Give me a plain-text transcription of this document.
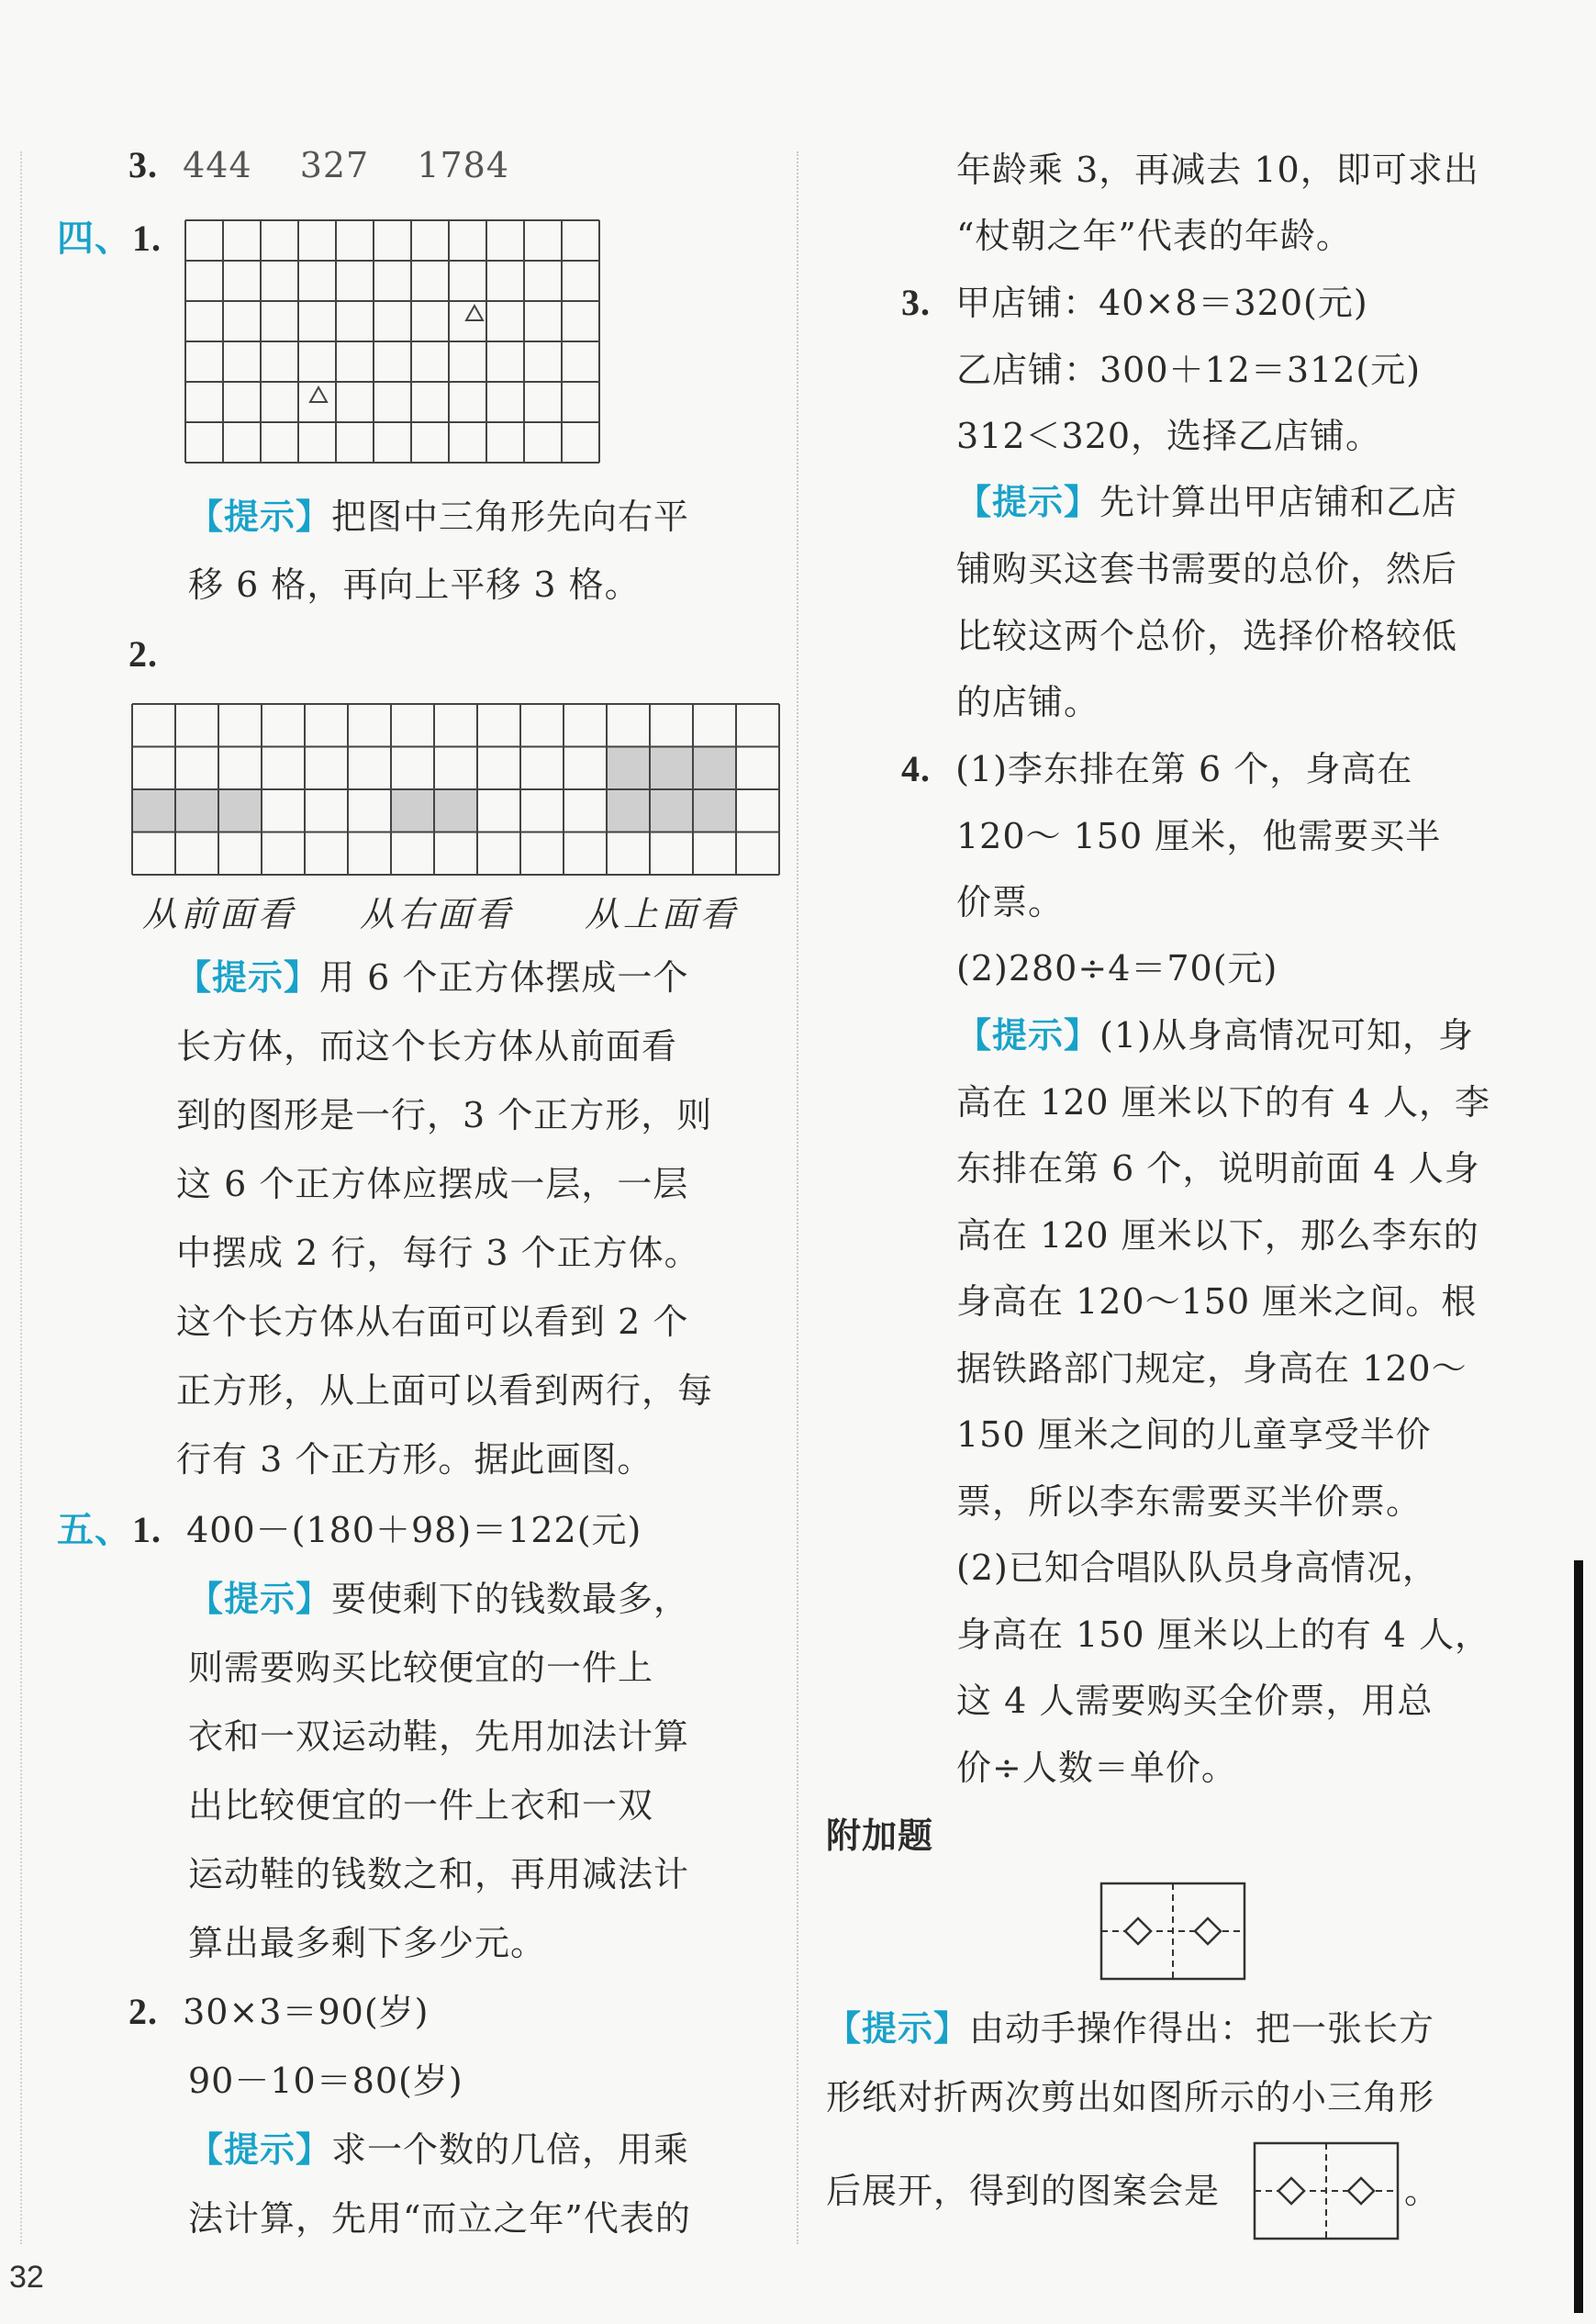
3. 444　 327　 1784
四、1.
【提示】把图中三角形先向右平
移 6 格，再向上平移 3 格。
2.
从前面看 从右面看 从上面看
【提示】用 6 个正方体摆成一个
长方体，而这个长方体从前面看
到的图形是一行，3 个正方形，则
这 6 个正方体应摆成一层，一层
中摆成 2 行，每行 3 个正方体。
这个长方体从右面可以看到 2 个
正方形，从上面可以看到两行，每
行有 3 个正方形。据此画图。
五、1. 400－(180＋98)＝122(元)
【提示】要使剩下的钱数最多，
则需要购买比较便宜的一件上
衣和一双运动鞋，先用加法计算
出比较便宜的一件上衣和一双
运动鞋的钱数之和，再用减法计
算出最多剩下多少元。
2. 30×3＝90(岁)
90－10＝80(岁)
【提示】求一个数的几倍，用乘
法计算，先用“而立之年”代表的
年龄乘 3，再减去 10，即可求出
“杖朝之年”代表的年龄。
3. 甲店铺：40×8＝320(元)
乙店铺：300＋12＝312(元)
312＜320，选择乙店铺。
【提示】先计算出甲店铺和乙店
铺购买这套书需要的总价，然后
比较这两个总价，选择价格较低
的店铺。
4. (1)李东排在第 6 个，身高在
120～ 150 厘米，他需要买半
价票。
(2)280÷4＝70(元)
【提示】(1)从身高情况可知，身
高在 120 厘米以下的有 4 人，李
东排在第 6 个，说明前面 4 人身
高在 120 厘米以下，那么李东的
身高在 120～150 厘米之间。根
据铁路部门规定，身高在 120～
150 厘米之间的儿童享受半价
票，所以李东需要买半价票。
(2)已知合唱队队员身高情况，
身高在 150 厘米以上的有 4 人，
这 4 人需要购买全价票，用总
价÷人数＝单价。
附加题
【提示】由动手操作得出：把一张长方
形纸对折两次剪出如图所示的小三角形
后展开，得到的图案会是	。
32
